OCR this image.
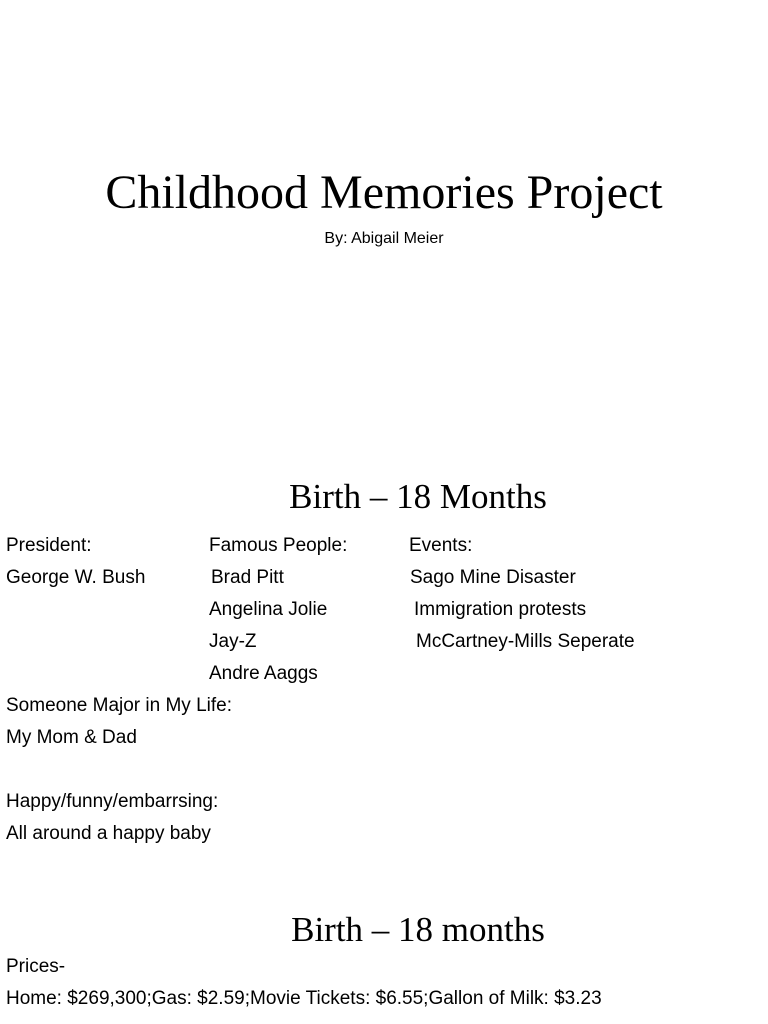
Childhood Memories Project
By: Abigail Meier
Birth – 18 Months
President:
George W. Bush
Famous People:
Brad Pitt
Angelina Jolie
Jay-Z
Andre Aaggs
Events:
Sago Mine Disaster
Immigration protests
McCartney-Mills Seperate
Someone Major in My Life:
My Mom & Dad
Happy/funny/embarrsing:
All around a happy baby
Birth – 18 months
Prices-
Home: $269,300;Gas: $2.59;Movie Tickets: $6.55;Gallon of Milk: $3.23
